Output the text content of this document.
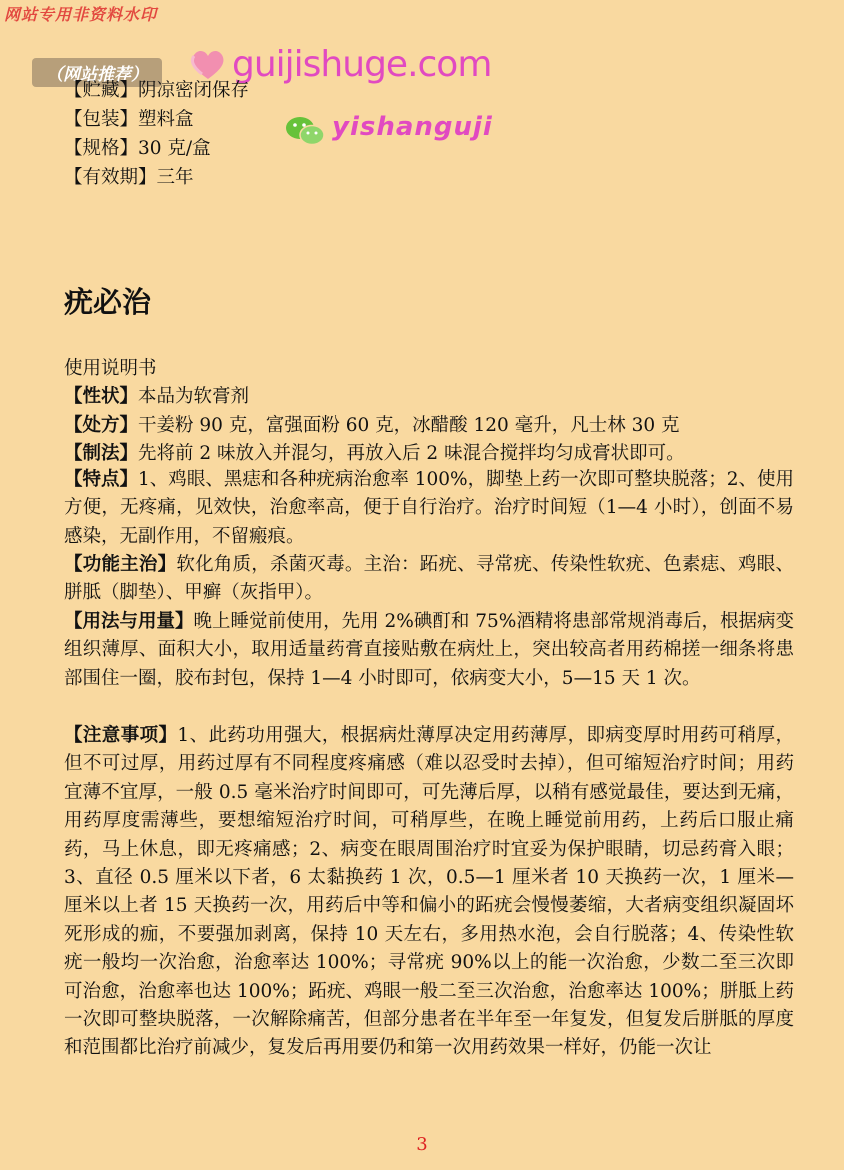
网站专用非资料水印
（网站推荐）	guijishuge.com
yishanguji
【贮藏】阴凉密闭保存
【包装】塑料盒
【规格】30 克/盒
【有效期】三年
疣必治
使用说明书
【性状】本品为软膏剂
【处方】干姜粉 90 克，富强面粉 60 克，冰醋酸 120 毫升，凡士林 30 克
【制法】先将前 2 味放入并混匀，再放入后 2 味混合搅拌均匀成膏状即可。
【特点】1、鸡眼、黑痣和各种疣病治愈率 100%，脚垫上药一次即可整块脱落；2、使用方便，无疼痛，见效快，治愈率高，便于自行治疗。治疗时间短（1—4 小时），创面不易感染，无副作用，不留瘢痕。
【功能主治】软化角质，杀菌灭毒。主治：跖疣、寻常疣、传染性软疣、色素痣、鸡眼、胼胝（脚垫）、甲癣（灰指甲）。
【用法与用量】晚上睡觉前使用，先用 2%碘酊和 75%酒精将患部常规消毒后，根据病变组织薄厚、面积大小，取用适量药膏直接贴敷在病灶上，突出较高者用药棉搓一细条将患部围住一圈，胶布封包，保持 1—4 小时即可，依病变大小，5—15 天 1 次。
【注意事项】1、此药功用强大，根据病灶薄厚决定用药薄厚，即病变厚时用药可稍厚，但不可过厚，用药过厚有不同程度疼痛感（难以忍受时去掉），但可缩短治疗时间；用药宜薄不宜厚，一般 0.5 毫米治疗时间即可，可先薄后厚，以稍有感觉最佳，要达到无痛，用药厚度需薄些，要想缩短治疗时间，可稍厚些，在晚上睡觉前用药，上药后口服止痛药，马上休息，即无疼痛感；2、病变在眼周围治疗时宜妥为保护眼睛，切忌药膏入眼；3、直径 0.5 厘米以下者，6 太黏换药 1 次，0.5—1 厘米者 10 天换药一次，1 厘米—厘米以上者 15 天换药一次，用药后中等和偏小的跖疣会慢慢萎缩，大者病变组织凝固坏死形成的痂，不要强加剥离，保持 10 天左右，多用热水泡，会自行脱落；4、传染性软疣一般均一次治愈，治愈率达 100%；寻常疣 90%以上的能一次治愈，少数二至三次即可治愈，治愈率也达 100%；跖疣、鸡眼一般二至三次治愈，治愈率达 100%；胼胝上药一次即可整块脱落，一次解除痛苦，但部分患者在半年至一年复发，但复发后胼胝的厚度和范围都比治疗前减少，复发后再用要仍和第一次用药效果一样好，仍能一次让
3
